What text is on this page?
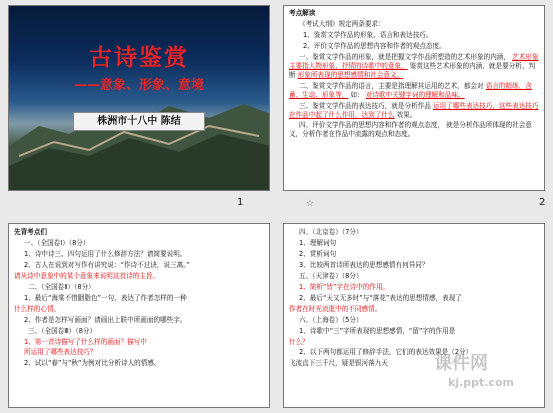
古诗鉴赏
——意象、形象、意境
株洲市十八中 陈结
1

考点解读

《考试大纲》规定两条要求：

1、鉴赏文学作品的形象、语言和表达技巧。

2、评价文学作品的思想内容和作者的观点态度。

一、鉴赏文学作品的形象，就是把握文学作品所塑造的艺术形象的内涵， 艺术形象主要指人物形象、抒情的诗歌中的意象， 鉴赏这些艺术形象的内涵，就是要分析、判断 形象所表现的思想感情和社会意义。

二、鉴赏文学作品的语言，主要是指理解其运用的艺术，都会对 语言的精练，含蓄、生动、形象等， 如： 对诗歌中关键字词的理解和品味。

三、鉴赏文学作品的表达技巧，就是分析作品 运用了哪些表达技巧，这些表达技巧在作品中起了什么作用，达到了什么 效果。

四、评价文学作品的思想内容和作者的观点态度， 就是分析作品所体现的社会意义，分析作者在作品中流露的观点和态度。

☆	2

先背考点们

一、（全国卷Ⅰ）（8分）

1、诗中诗三、四句运用了什么修辞方法？请简要说明。

2、古人在说到对写作有讲究说：“作诗不过诀，说三离。”

请从诗中意象中的某个意象来说明这首诗的主旨。

二、（全国卷Ⅱ）（8分）

1、最后“海棠不惜胭脂色”一句，表达了作者怎样的一种

什么样的心情。

2、作者是怎样写画面？请画出上联中所画面的哪些字。

三、（全国卷Ⅲ）（8分）

1、第一首诗描写了什么样的画面？描写中

所运用了哪些表达技巧？

2、试以“春”与“秋”为例对比分析诗人的情感。

四、（北京卷）（7分）

1、理解词句

2、赏析词句

3、比较两首诗所表达的思想感情有何异同？

五、（天津卷）（8分）

1、简析“皆”字在诗中的作用。

2、最后“天又无多时”与“落花”表达的思想情感，表现了

作者在时光流逝中的不同感情。

六、（上海卷）（5分）

1、诗歌中“三”字所表现的思想感情，“留”字的作用是

什么？

2、以下两句都运用了修辞手法，它们的表达效果是（2分）

飞流直下三千尺，疑是银河落九天	课件网
kj.ppt.com
